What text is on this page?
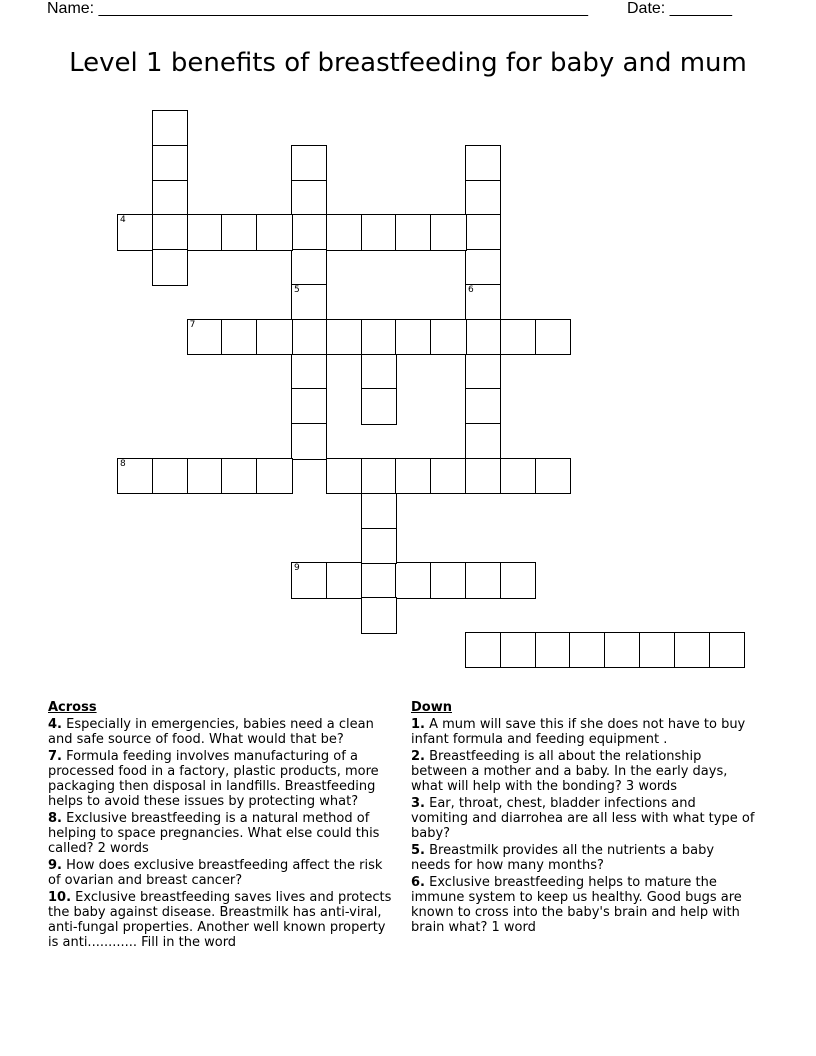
Name: _______________________________________________________ Date: _______
Level 1 benefits of breastfeeding for baby and mum
5	6
4
7
8
9
Across
4. Especially in emergencies, babies need a clean and safe source of food. What would that be?
7. Formula feeding involves manufacturing of a processed food in a factory, plastic products, more packaging then disposal in landfills. Breastfeeding helps to avoid these issues by protecting what?
8. Exclusive breastfeeding is a natural method of helping to space pregnancies. What else could this called? 2 words
9. How does exclusive breastfeeding affect the risk of ovarian and breast cancer?
10. Exclusive breastfeeding saves lives and protects the baby against disease. Breastmilk has anti-viral, anti-fungal properties. Another well known property is anti............ Fill in the word
Down
1. A mum will save this if she does not have to buy infant formula and feeding equipment .
2. Breastfeeding is all about the relationship between a mother and a baby. In the early days, what will help with the bonding? 3 words
3. Ear, throat, chest, bladder infections and vomiting and diarrohea are all less with what type of baby?
5. Breastmilk provides all the nutrients a baby needs for how many months?
6. Exclusive breastfeeding helps to mature the immune system to keep us healthy. Good bugs are known to cross into the baby's brain and help with brain what? 1 word
